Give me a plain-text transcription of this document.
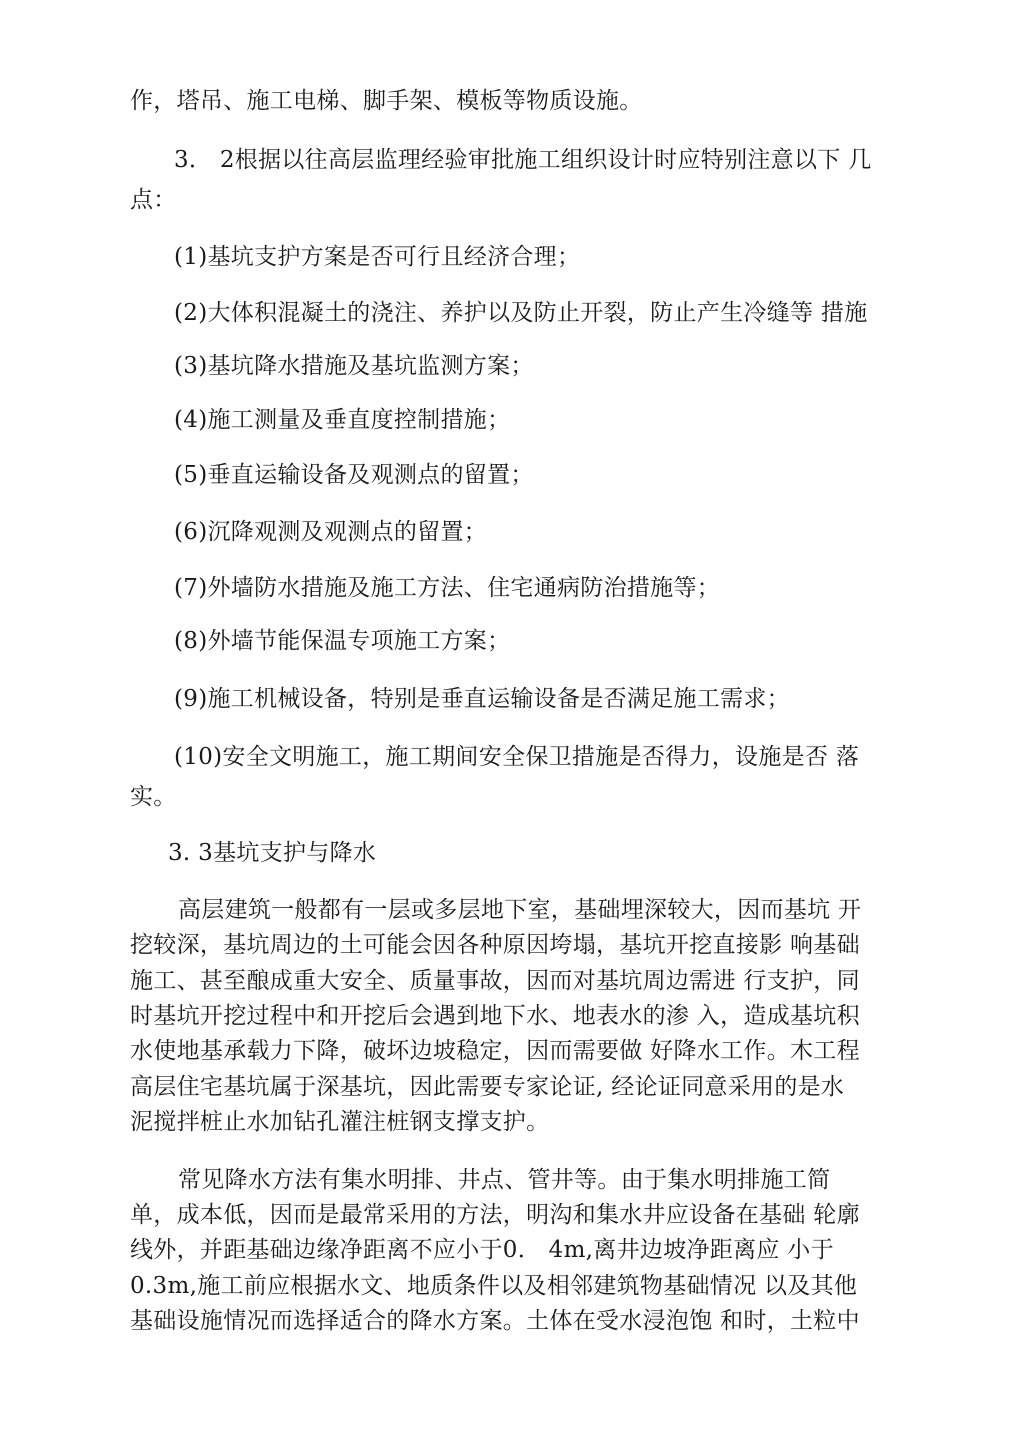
作，塔吊、施工电梯、脚手架、模板等物质设施。
3． 2根据以往高层监理经验审批施工组织设计时应特别注意以下 几
点：
(1)基坑支护方案是否可行且经济合理；
(2)大体积混凝土的浇注、养护以及防止开裂，防止产生冷缝等 措施
(3)基坑降水措施及基坑监测方案；
(4)施工测量及垂直度控制措施；
(5)垂直运输设备及观测点的留置；
(6)沉降观测及观测点的留置；
(7)外墙防水措施及施工方法、住宅通病防治措施等；
(8)外墙节能保温专项施工方案；
(9)施工机械设备，特别是垂直运输设备是否满足施工需求；
(10)安全文明施工，施工期间安全保卫措施是否得力，设施是否 落
实。
3. 3基坑支护与降水
高层建筑一般都有一层或多层地下室，基础埋深较大，因而基坑 开
挖较深，基坑周边的土可能会因各种原因垮塌，基坑开挖直接影 响基础
施工、甚至酿成重大安全、质量事故，因而对基坑周边需进 行支护，同
时基坑开挖过程中和开挖后会遇到地下水、地表水的渗 入，造成基坑积
水使地基承载力下降，破坏边坡稳定，因而需要做 好降水工作。木工程
高层住宅基坑属于深基坑，因此需要专家论证, 经论证同意采用的是水
泥搅拌桩止水加钻孔灌注桩钢支撑支护。
常见降水方法有集水明排、井点、管井等。由于集水明排施工简
单，成本低，因而是最常采用的方法，明沟和集水井应设备在基础 轮廓
线外，并距基础边缘净距离不应小于0． 4m,离井边坡净距离应 小于
0.3m,施工前应根据水文、地质条件以及相邻建筑物基础情况 以及其他
基础设施情况而选择适合的降水方案。土体在受水浸泡饱 和时，土粒中
